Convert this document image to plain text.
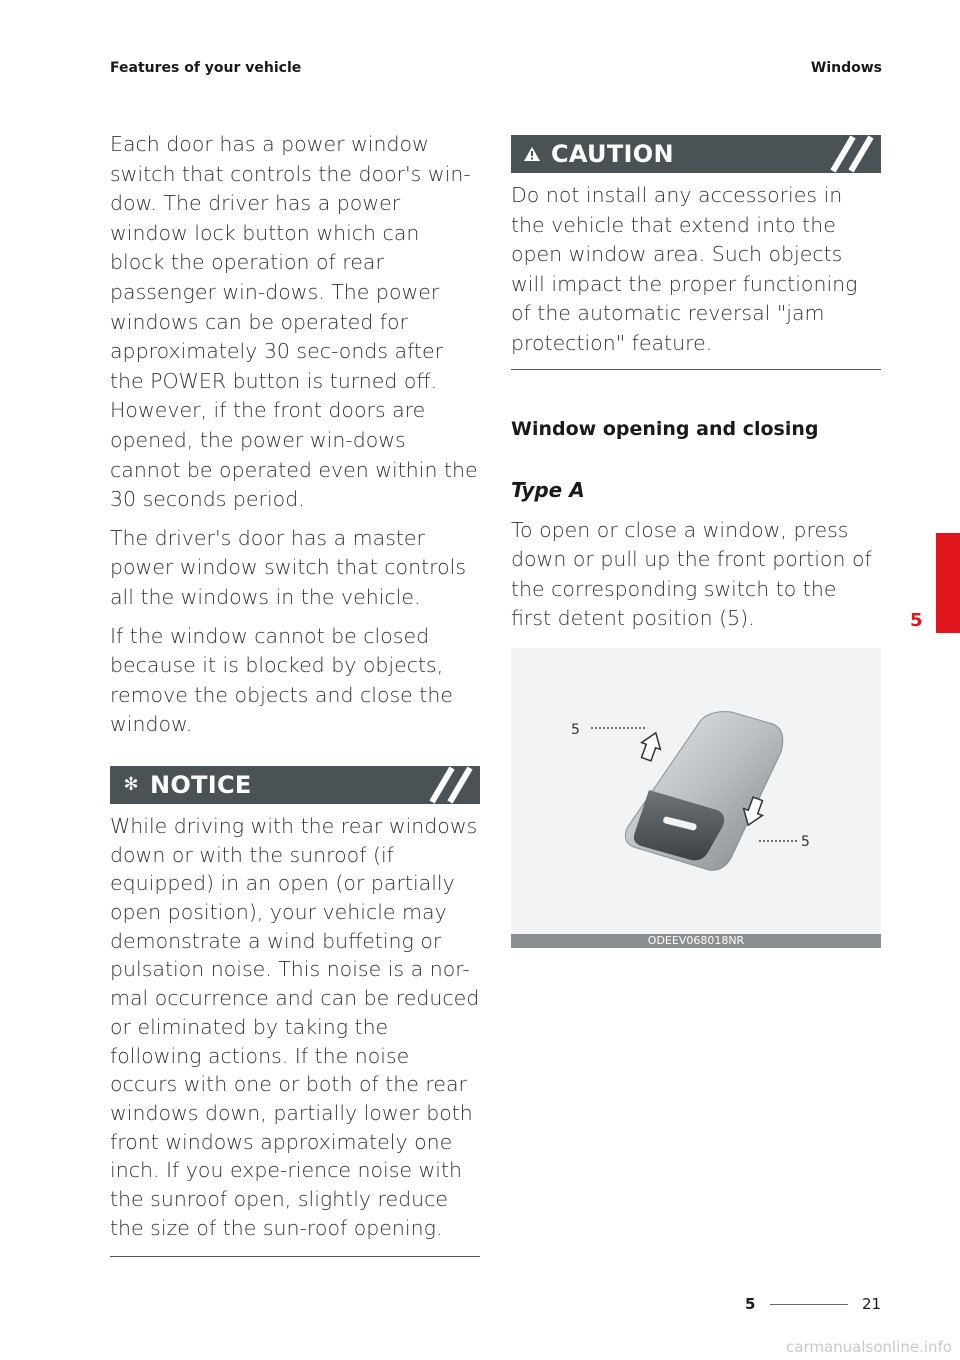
Features of your vehicle	Windows

Each door has a power window switch that controls the door's win-dow. The driver has a power window lock button which can block the operation of rear passenger win-dows. The power windows can be operated for approximately 30 sec-onds after the POWER button is turned off. However, if the front doors are opened, the power win-dows cannot be operated even within the 30 seconds period.

The driver's door has a master power window switch that controls all the windows in the vehicle.

If the window cannot be closed because it is blocked by objects, remove the objects and close the window.

✻ NOTICE

While driving with the rear windows down or with the sunroof (if equipped) in an open (or partially open position), your vehicle may demonstrate a wind buffeting or pulsation noise. This noise is a nor-mal occurrence and can be reduced or eliminated by taking the following actions. If the noise occurs with one or both of the rear windows down, partially lower both front windows approximately one inch. If you expe-rience noise with the sunroof open, slightly reduce the size of the sun-roof opening.

CAUTION

Do not install any accessories in the vehicle that extend into the open window area. Such objects will impact the proper functioning of the automatic reversal "jam protection" feature.

Window opening and closing
Type A

To open or close a window, press down or pull up the front portion of the corresponding switch to the first detent position (5).

5
5
ODEEV068018NR
5
5	21
carmanualsonline.info
